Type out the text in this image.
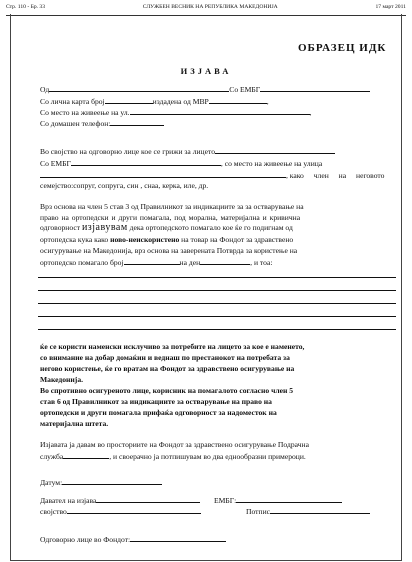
Стр. 110 - Бр. 33	СЛУЖБЕН ВЕСНИК НА РЕПУБЛИКА МАКЕДОНИЈА	17 март 2011
ОБРАЗЕЦ ИДК
ИЗЈАВА
Од	Со ЕМБГ
Со лична карта број	издадена од МВР	,
Со место на живеење на ул.	,
Со домашен телефон:
Во својство на одговорно лице кое се грижи за лицето
Со ЕМБГ	, со место на живеење на улица
, како член на неговото
семејство:сопруг, сопруга, син , снаа, керка, иле, др.
Врз основа на член 5 став 3 од Правилникот за индикациите за за остварување на
право на ортопедски и други помагала, под морална, материјална и кривична
одговорност изјавувам дека ортопедското помагало кое ќе го подигнам од
ортопедска кука како ново-неискористено на товар на Фондот за здравствено
осигурување на Македонија, врз основа на заверената Потврда за користење на
ортопедско помагало број	на ден	, и тоа:
ќе се користи наменски исклучиво за потребите на лицето за кое е наменето,
со внимание на добар домаќин и веднаш по престанокот на потребата за
негово користење, ќе го вратам на Фондот за здравствено осигурување на
Македонија.
Во спротивно осигуреното лице, корисник на помагалото согласно член 5
став 6 од Правилникот за индикациите за остварување на право на
ортопедски и други помагала прифаќа одговорност за надоместок на
материјална штета.
Изјавата ја давам во просториите на Фондот за здравствено осигурување Подрачна
служба	, и своерачно ја потпишувам во два едноoбразни примероци.
Датум:
Давател на изјава	ЕМБГ:
својство	Потпис
Одговорно лице во Фондот:
